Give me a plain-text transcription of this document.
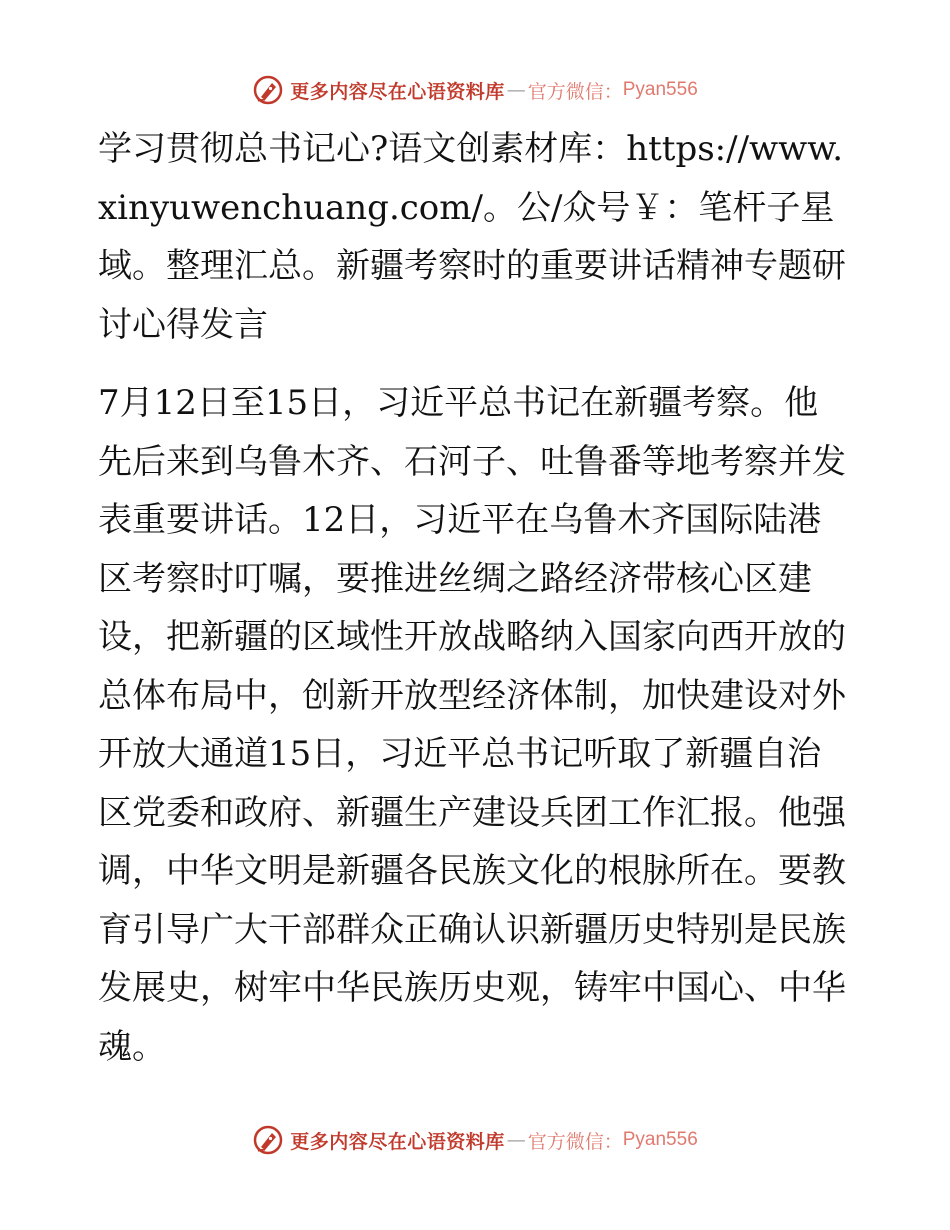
更多内容尽在心语资料库 — 官方微信： Pyan556

学习贯彻总书记心?语文创素材库：https://www.xinyuwenchuang.com/。公/众号￥：笔杆子星域。整理汇总。新疆考察时的重要讲话精神专题研讨心得发言

7月12日至15日，习近平总书记在新疆考察。他先后来到乌鲁木齐、石河子、吐鲁番等地考察并发表重要讲话。12日，习近平在乌鲁木齐国际陆港区考察时叮嘱，要推进丝绸之路经济带核心区建设，把新疆的区域性开放战略纳入国家向西开放的总体布局中，创新开放型经济体制，加快建设对外开放大通道15日，习近平总书记听取了新疆自治区党委和政府、新疆生产建设兵团工作汇报。他强调，中华文明是新疆各民族文化的根脉所在。要教育引导广大干部群众正确认识新疆历史特别是民族发展史，树牢中华民族历史观，铸牢中国心、中华魂。

更多内容尽在心语资料库 — 官方微信： Pyan556
